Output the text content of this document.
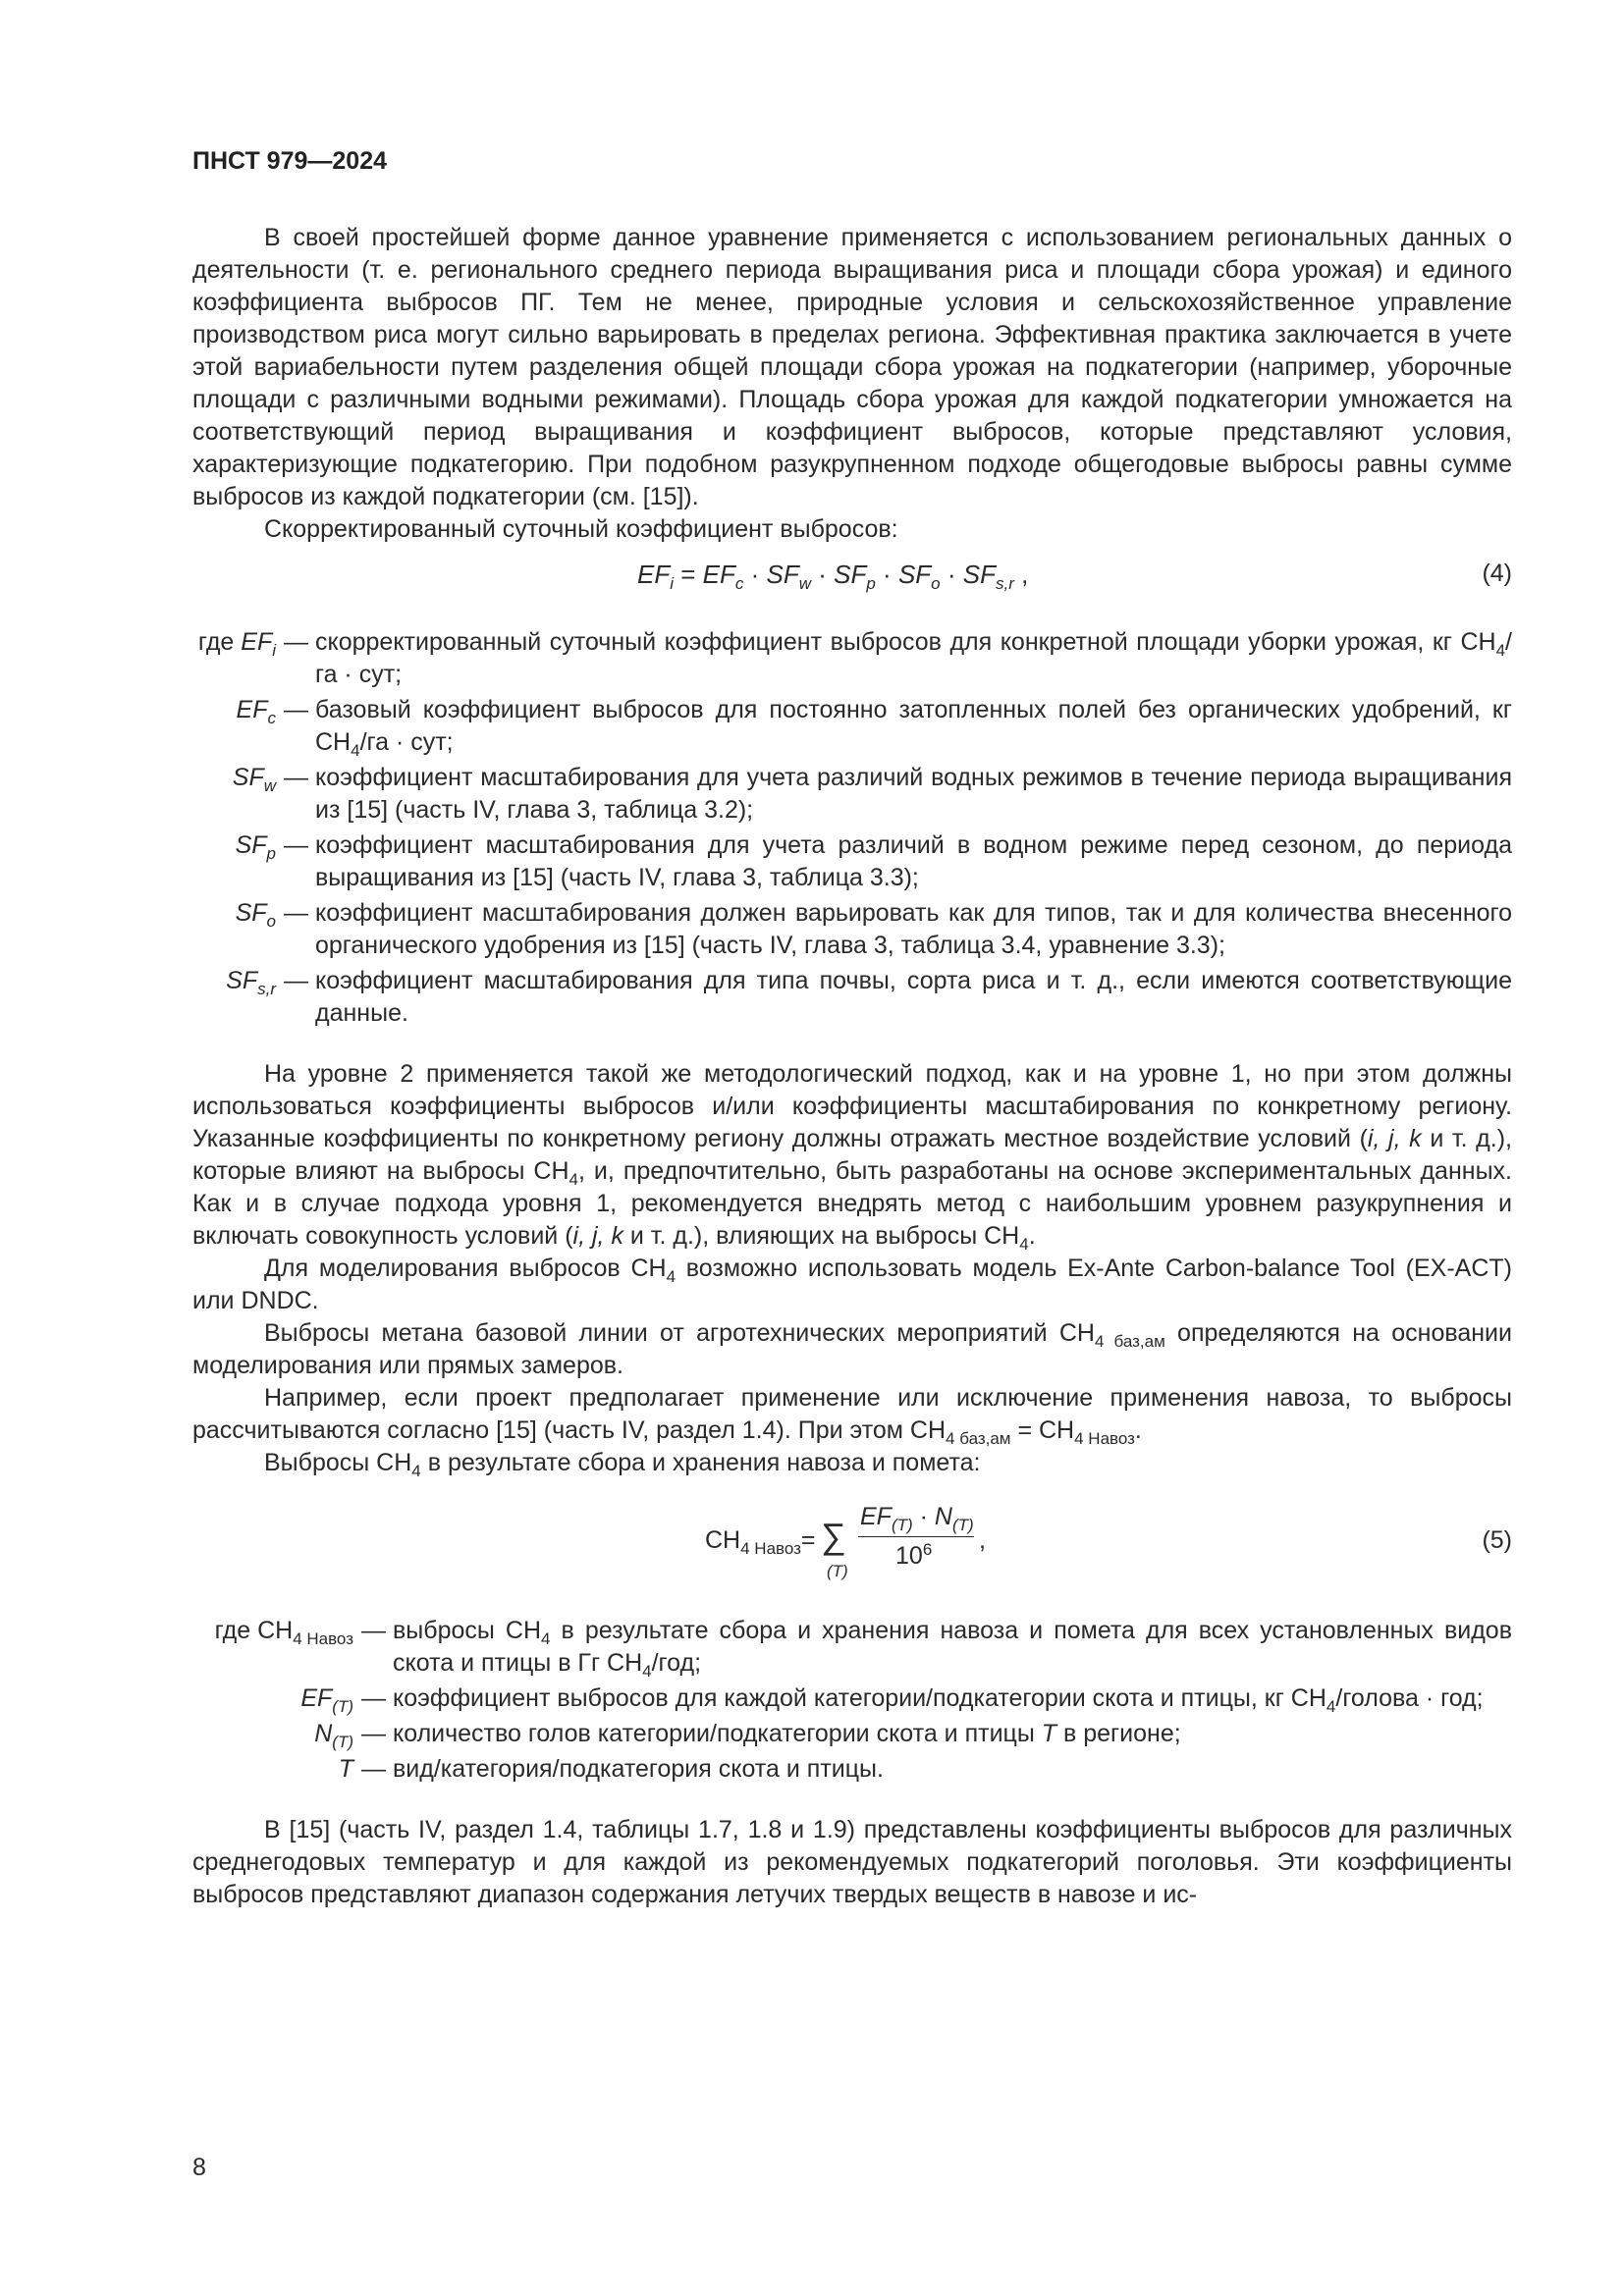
ПНСТ 979—2024

В своей простейшей форме данное уравнение применяется с использованием региональных данных о деятельности (т. е. регионального среднего периода выращивания риса и площади сбора урожая) и единого коэффициента выбросов ПГ. Тем не менее, природные условия и сельскохозяйственное управление производством риса могут сильно варьировать в пределах региона. Эффективная практика заключается в учете этой вариабельности путем разделения общей площади сбора урожая на подкатегории (например, уборочные площади с различными водными режимами). Площадь сбора урожая для каждой подкатегории умножается на соответствующий период выращивания и коэффициент выбросов, которые представляют условия, характеризующие подкатегорию. При подобном разукрупненном подходе общегодовые выбросы равны сумме выбросов из каждой подкатегории (см. [15]).

Скорректированный суточный коэффициент выбросов:

$EF_i = EF_c \cdot SF_w \cdot SF_p \cdot SF_o \cdot SF_{s,r}$ ,	(4)
где $EF_i$ — скорректированный суточный коэффициент выбросов для конкретной площади уборки урожая, кг $СН_4/га$ · сут;
$EF_c$ — базовый коэффициент выбросов для постоянно затопленных полей без органических удобрений, кг $СН_4/га$ · сут;
$SF_w$ — коэффициент масштабирования для учета различий водных режимов в течение периода выращивания из [15] (часть IV, глава 3, таблица 3.2);
$SF_p$ — коэффициент масштабирования для учета различий в водном режиме перед сезоном, до периода выращивания из [15] (часть IV, глава 3, таблица 3.3);
$SF_o$ — коэффициент масштабирования должен варьировать как для типов, так и для количества внесенного органического удобрения из [15] (часть IV, глава 3, таблица 3.4, уравнение 3.3);
$SF_{s,r}$ — коэффициент масштабирования для типа почвы, сорта риса и т. д., если имеются соответствующие данные.

На уровне 2 применяется такой же методологический подход, как и на уровне 1, но при этом должны использоваться коэффициенты выбросов и/или коэффициенты масштабирования по конкретному региону. Указанные коэффициенты по конкретному региону должны отражать местное воздействие условий (i, j, k и т. д.), которые влияют на выбросы $СН_4$, и, предпочтительно, быть разработаны на основе экспериментальных данных. Как и в случае подхода уровня 1, рекомендуется внедрять метод с наибольшим уровнем разукрупнения и включать совокупность условий (i, j, k и т. д.), влияющих на выбросы $СН_4$.

Для моделирования выбросов $СН_4$ возможно использовать модель Ex-Ante Carbon-balance Tool (EX-ACT) или DNDC.

Выбросы метана базовой линии от агротехнических мероприятий $СН_{4 баз,ам}$ определяются на основании моделирования или прямых замеров.

Например, если проект предполагает применение или исключение применения навоза, то выбросы рассчитываются согласно [15] (часть IV, раздел 1.4). При этом $СН_{4 баз,ам} = СН_{4 Навоз}$.

Выбросы $СН_4$ в результате сбора и хранения навоза и помета:

$СН_{4 Навоз}=$ ∑
(T)
$EF_{(T)} \cdot N_{(T)}$
$10^6$ ,	(5)
где $СН_{4 Навоз}$ — выбросы $СН_4$ в результате сбора и хранения навоза и помета для всех установленных видов скота и птицы в Гг $СН_4$/год;
$EF_{(T)}$ — коэффициент выбросов для каждой категории/подкатегории скота и птицы, кг $СН_4$/голова · год;
$N_{(T)}$ — количество голов категории/подкатегории скота и птицы T в регионе;
T — вид/категория/подкатегория скота и птицы.

В [15] (часть IV, раздел 1.4, таблицы 1.7, 1.8 и 1.9) представлены коэффициенты выбросов для различных среднегодовых температур и для каждой из рекомендуемых подкатегорий поголовья. Эти коэффициенты выбросов представляют диапазон содержания летучих твердых веществ в навозе и ис-

8
